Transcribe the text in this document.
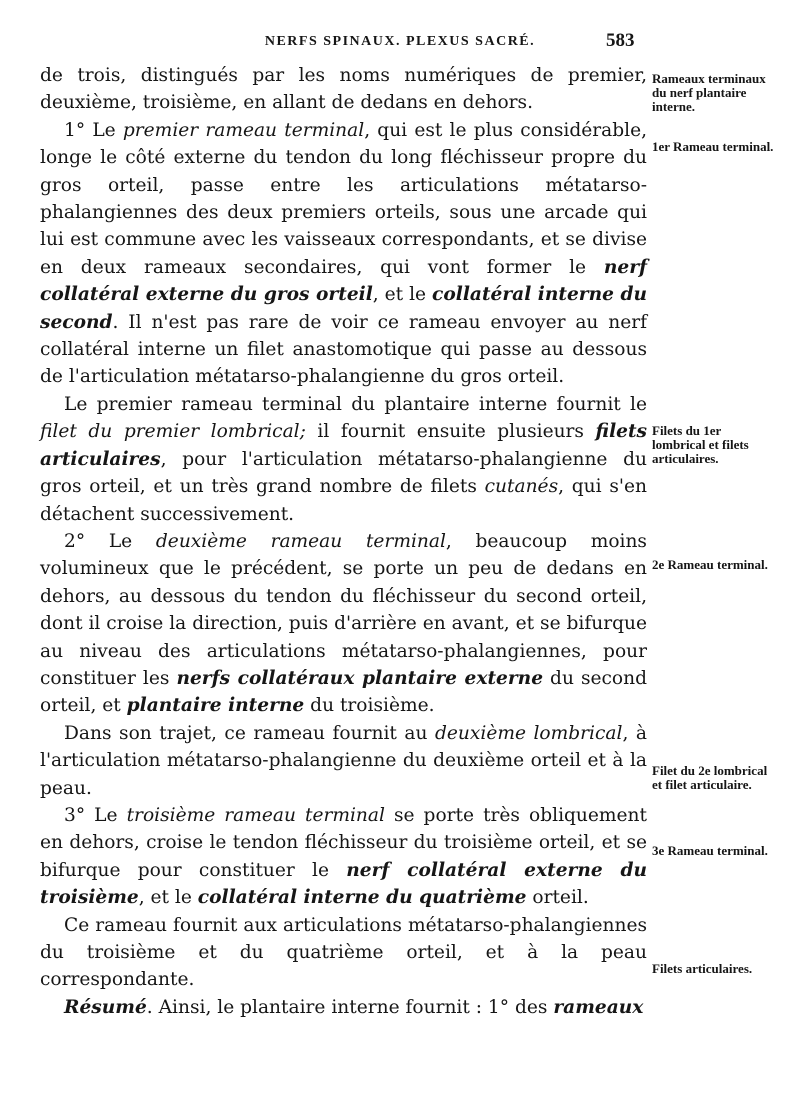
NERFS SPINAUX. PLEXUS SACRÉ.	583

de trois, distingués par les noms numériques de premier, deuxième, troisième, en allant de dedans en dehors.

1° Le premier rameau terminal, qui est le plus considérable, longe le côté externe du tendon du long fléchisseur propre du gros orteil, passe entre les articulations métatarso-phalangiennes des deux premiers orteils, sous une arcade qui lui est commune avec les vaisseaux correspondants, et se divise en deux rameaux secondaires, qui vont former le nerf collatéral externe du gros orteil, et le collatéral interne du second. Il n'est pas rare de voir ce rameau envoyer au nerf collatéral interne un filet anastomotique qui passe au dessous de l'articulation métatarso-phalangienne du gros orteil.

Le premier rameau terminal du plantaire interne fournit le filet du premier lombrical; il fournit ensuite plusieurs filets articulaires, pour l'articulation métatarso-phalangienne du gros orteil, et un très grand nombre de filets cutanés, qui s'en détachent successivement.

2° Le deuxième rameau terminal, beaucoup moins volumineux que le précédent, se porte un peu de dedans en dehors, au dessous du tendon du fléchisseur du second orteil, dont il croise la direction, puis d'arrière en avant, et se bifurque au niveau des articulations métatarso-phalangiennes, pour constituer les nerfs collatéraux plantaire externe du second orteil, et plantaire interne du troisième.

Dans son trajet, ce rameau fournit au deuxième lombrical, à l'articulation métatarso-phalangienne du deuxième orteil et à la peau.

3° Le troisième rameau terminal se porte très obliquement en dehors, croise le tendon fléchisseur du troisième orteil, et se bifurque pour constituer le nerf collatéral externe du troisième, et le collatéral interne du quatrième orteil.

Ce rameau fournit aux articulations métatarso-phalangiennes du troisième et du quatrième orteil, et à la peau correspondante.

Résumé. Ainsi, le plantaire interne fournit : 1° des rameaux

Rameaux terminaux du nerf plantaire interne.
1er Rameau terminal.
Filets du 1er lombrical et filets articulaires.
2e Rameau terminal.
Filet du 2e lombrical et filet articulaire.
3e Rameau terminal.
Filets articulaires.
